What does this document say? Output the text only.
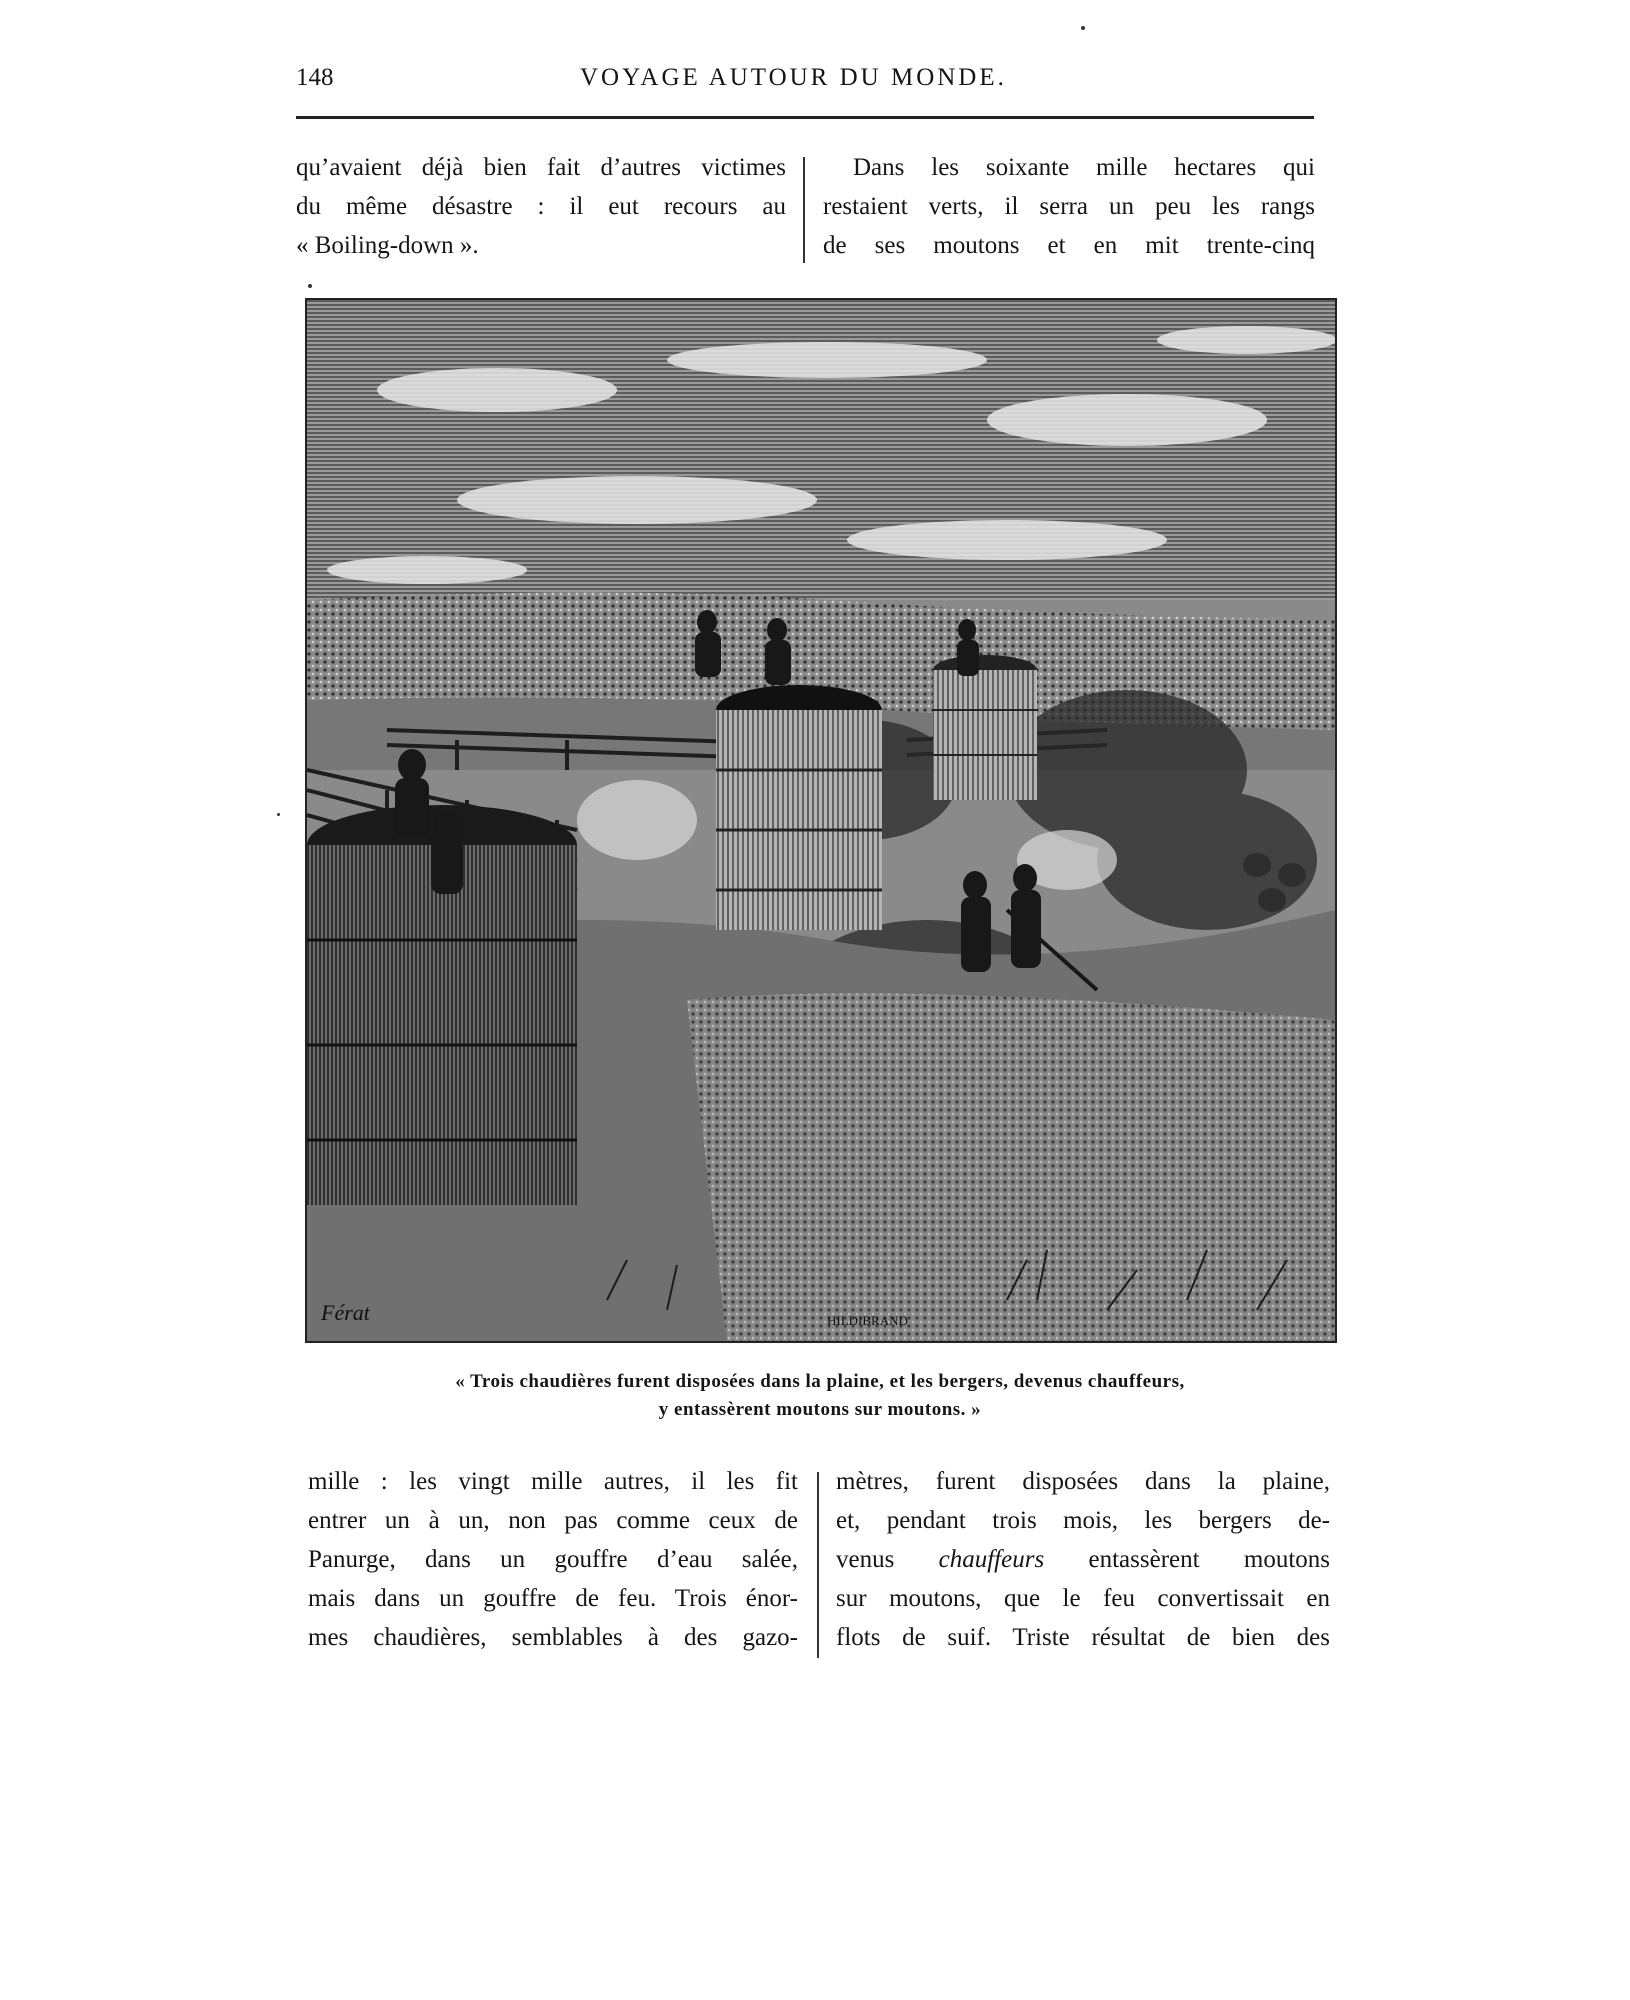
148	VOYAGE AUTOUR DU MONDE.

qu’avaient déjà bien fait d’autres victimes

du même désastre : il eut recours au

« Boiling-down ».

Dans les soixante mille hectares qui

restaient verts, il serra un peu les rangs

de ses moutons et en mit trente-cinq

Férat	HILDIBRAND
« Trois chaudières furent disposées dans la plaine, et les bergers, devenus chauffeurs,
y entassèrent moutons sur moutons. »

mille : les vingt mille autres, il les fit

entrer un à un, non pas comme ceux de

Panurge, dans un gouffre d’eau salée,

mais dans un gouffre de feu. Trois énor-

mes chaudières, semblables à des gazo-

mètres, furent disposées dans la plaine,

et, pendant trois mois, les bergers de-

venus chauffeurs entassèrent moutons

sur moutons, que le feu convertissait en

flots de suif. Triste résultat de bien des
